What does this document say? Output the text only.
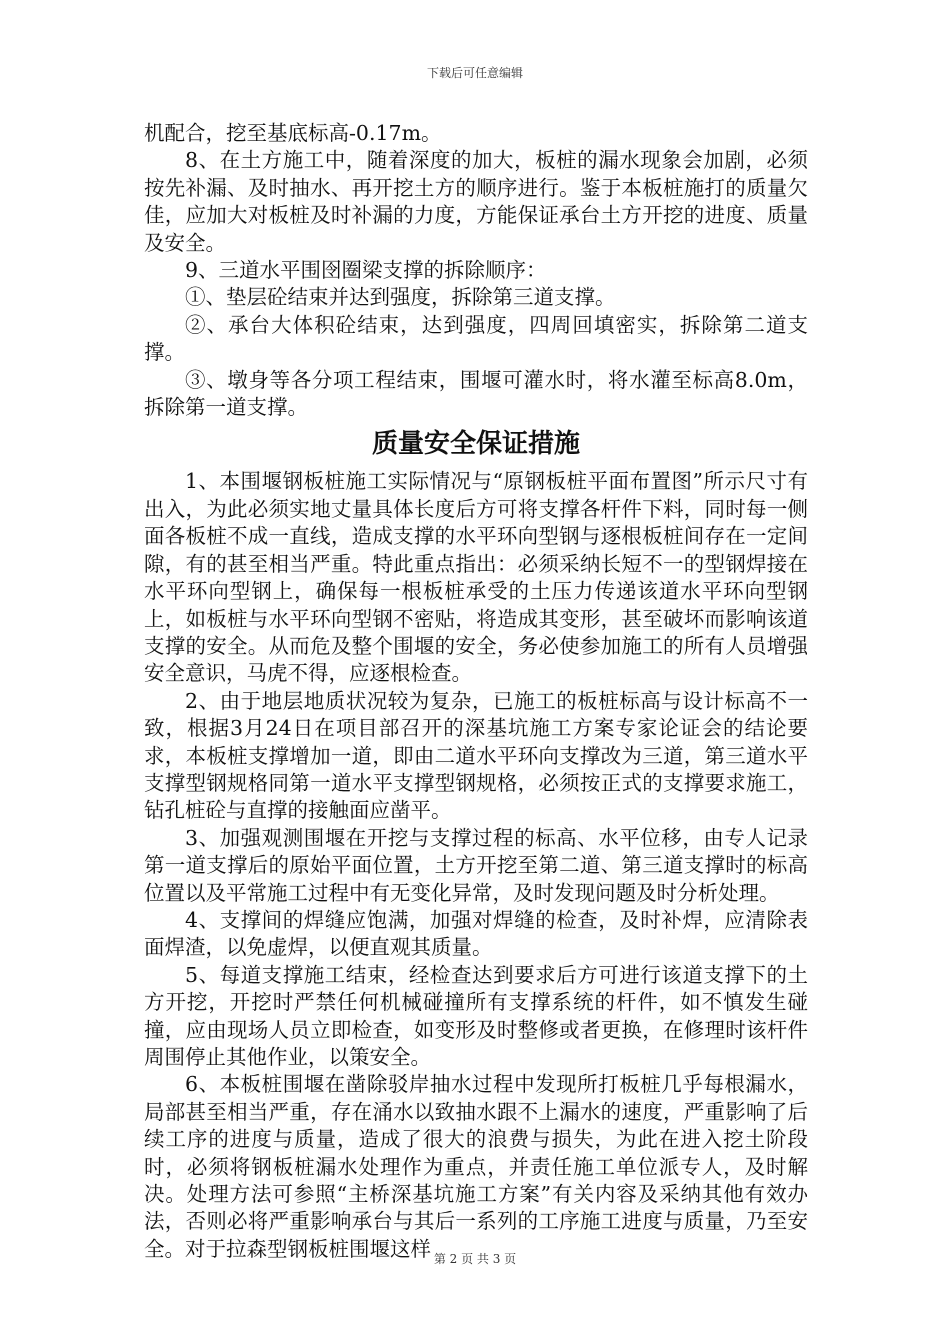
下载后可任意编辑

机配合，挖至基底标高-0.17m。

8、在土方施工中，随着深度的加大，板桩的漏水现象会加剧，必须按先补漏、及时抽水、再开挖土方的顺序进行。鉴于本板桩施打的质量欠佳，应加大对板桩及时补漏的力度，方能保证承台土方开挖的进度、质量及安全。

9、三道水平围囹圈梁支撑的拆除顺序：

①、垫层砼结束并达到强度，拆除第三道支撑。

②、承台大体积砼结束，达到强度，四周回填密实，拆除第二道支撑。

③、墩身等各分项工程结束，围堰可灌水时，将水灌至标高8.0m，拆除第一道支撑。

质量安全保证措施

1、本围堰钢板桩施工实际情况与“原钢板桩平面布置图”所示尺寸有出入，为此必须实地丈量具体长度后方可将支撑各杆件下料，同时每一侧面各板桩不成一直线，造成支撑的水平环向型钢与逐根板桩间存在一定间隙，有的甚至相当严重。特此重点指出：必须采纳长短不一的型钢焊接在水平环向型钢上，确保每一根板桩承受的土压力传递该道水平环向型钢上，如板桩与水平环向型钢不密贴，将造成其变形，甚至破坏而影响该道支撑的安全。从而危及整个围堰的安全，务必使参加施工的所有人员增强安全意识，马虎不得，应逐根检查。

2、由于地层地质状况较为复杂，已施工的板桩标高与设计标高不一致，根据3月24日在项目部召开的深基坑施工方案专家论证会的结论要求，本板桩支撑增加一道，即由二道水平环向支撑改为三道，第三道水平支撑型钢规格同第一道水平支撑型钢规格，必须按正式的支撑要求施工，钻孔桩砼与直撑的接触面应凿平。

3、加强观测围堰在开挖与支撑过程的标高、水平位移，由专人记录第一道支撑后的原始平面位置，土方开挖至第二道、第三道支撑时的标高位置以及平常施工过程中有无变化异常，及时发现问题及时分析处理。

4、支撑间的焊缝应饱满，加强对焊缝的检查，及时补焊，应清除表面焊渣，以免虚焊，以便直观其质量。

5、每道支撑施工结束，经检查达到要求后方可进行该道支撑下的土方开挖，开挖时严禁任何机械碰撞所有支撑系统的杆件，如不慎发生碰撞，应由现场人员立即检查，如变形及时整修或者更换，在修理时该杆件周围停止其他作业，以策安全。

6、本板桩围堰在凿除驳岸抽水过程中发现所打板桩几乎每根漏水，局部甚至相当严重，存在涌水以致抽水跟不上漏水的速度，严重影响了后续工序的进度与质量，造成了很大的浪费与损失，为此在进入挖土阶段时，必须将钢板桩漏水处理作为重点，并责任施工单位派专人，及时解决。处理方法可参照“主桥深基坑施工方案”有关内容及采纳其他有效办法，否则必将严重影响承台与其后一系列的工序施工进度与质量，乃至安全。对于拉森型钢板桩围堰这样 第 2 页 共 3 页
